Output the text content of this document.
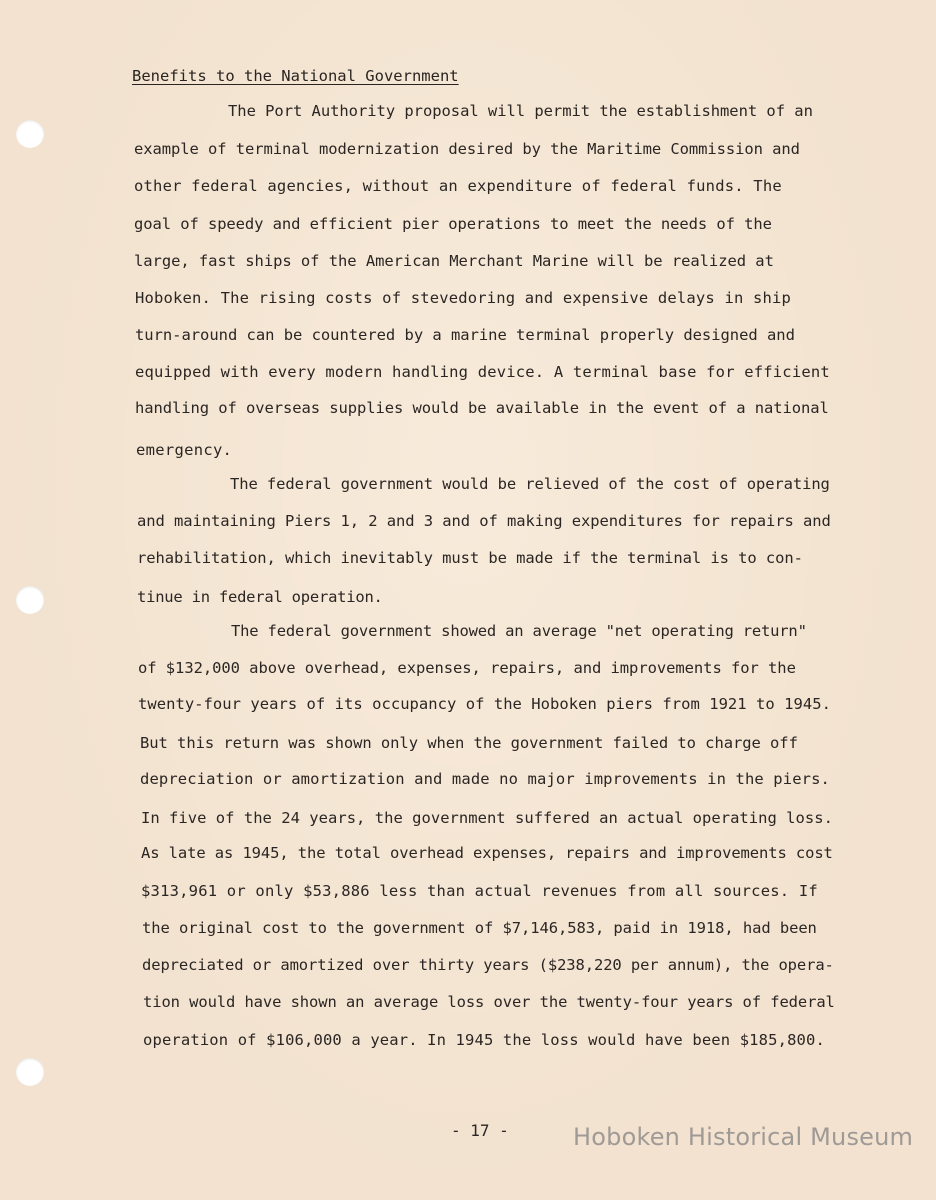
Benefits to the National Government
The Port Authority proposal will permit the establishment of an
example of terminal modernization desired by the Maritime Commission and
other federal agencies, without an expenditure of federal funds. The
goal of speedy and efficient pier operations to meet the needs of the
large, fast ships of the American Merchant Marine will be realized at
Hoboken. The rising costs of stevedoring and expensive delays in ship
turn-around can be countered by a marine terminal properly designed and
equipped with every modern handling device. A terminal base for efficient
handling of overseas supplies would be available in the event of a national
emergency.
The federal government would be relieved of the cost of operating
and maintaining Piers 1, 2 and 3 and of making expenditures for repairs and
rehabilitation, which inevitably must be made if the terminal is to con-
tinue in federal operation.
The federal government showed an average "net operating return"
of $132,000 above overhead, expenses, repairs, and improvements for the
twenty-four years of its occupancy of the Hoboken piers from 1921 to 1945.
But this return was shown only when the government failed to charge off
depreciation or amortization and made no major improvements in the piers.
In five of the 24 years, the government suffered an actual operating loss.
As late as 1945, the total overhead expenses, repairs and improvements cost
$313,961 or only $53,886 less than actual revenues from all sources. If
the original cost to the government of $7,146,583, paid in 1918, had been
depreciated or amortized over thirty years ($238,220 per annum), the opera-
tion would have shown an average loss over the twenty-four years of federal
operation of $106,000 a year. In 1945 the loss would have been $185,800.
- 17 -	Hoboken Historical Museum
